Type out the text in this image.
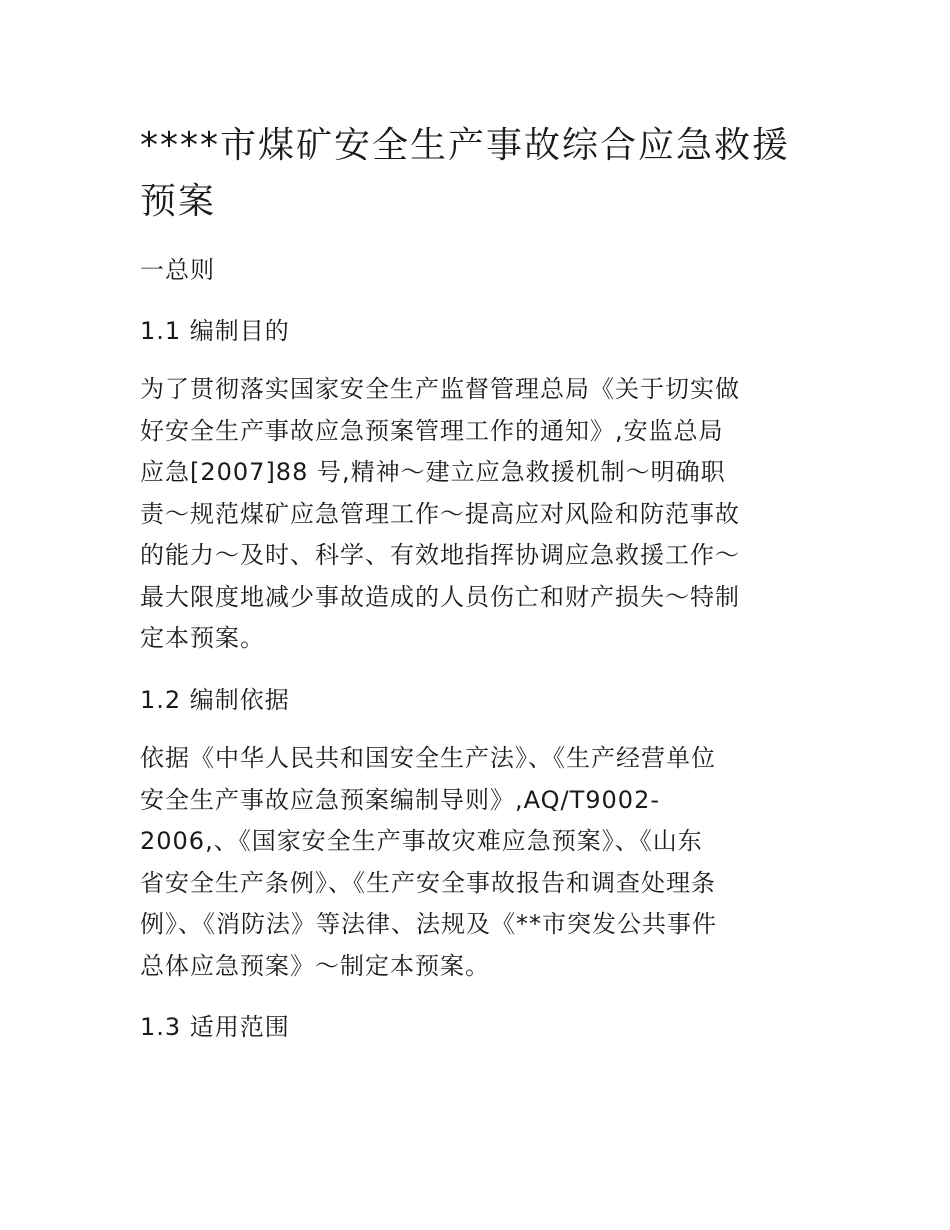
****市煤矿安全生产事故综合应急救援
预案
一总则
1.1 编制目的

为了贯彻落实国家安全生产监督管理总局《关于切实做
好安全生产事故应急预案管理工作的通知》,安监总局
应急[2007]88 号,精神～建立应急救援机制～明确职
责～规范煤矿应急管理工作～提高应对风险和防范事故
的能力～及时、科学、有效地指挥协调应急救援工作～
最大限度地减少事故造成的人员伤亡和财产损失～特制
定本预案。

1.2 编制依据

依据《中华人民共和国安全生产法》、《生产经营单位
安全生产事故应急预案编制导则》,AQ/T9002-
2006,、《国家安全生产事故灾难应急预案》、《山东
省安全生产条例》、《生产安全事故报告和调查处理条
例》、《消防法》等法律、法规及《**市突发公共事件
总体应急预案》～制定本预案。

1.3 适用范围
